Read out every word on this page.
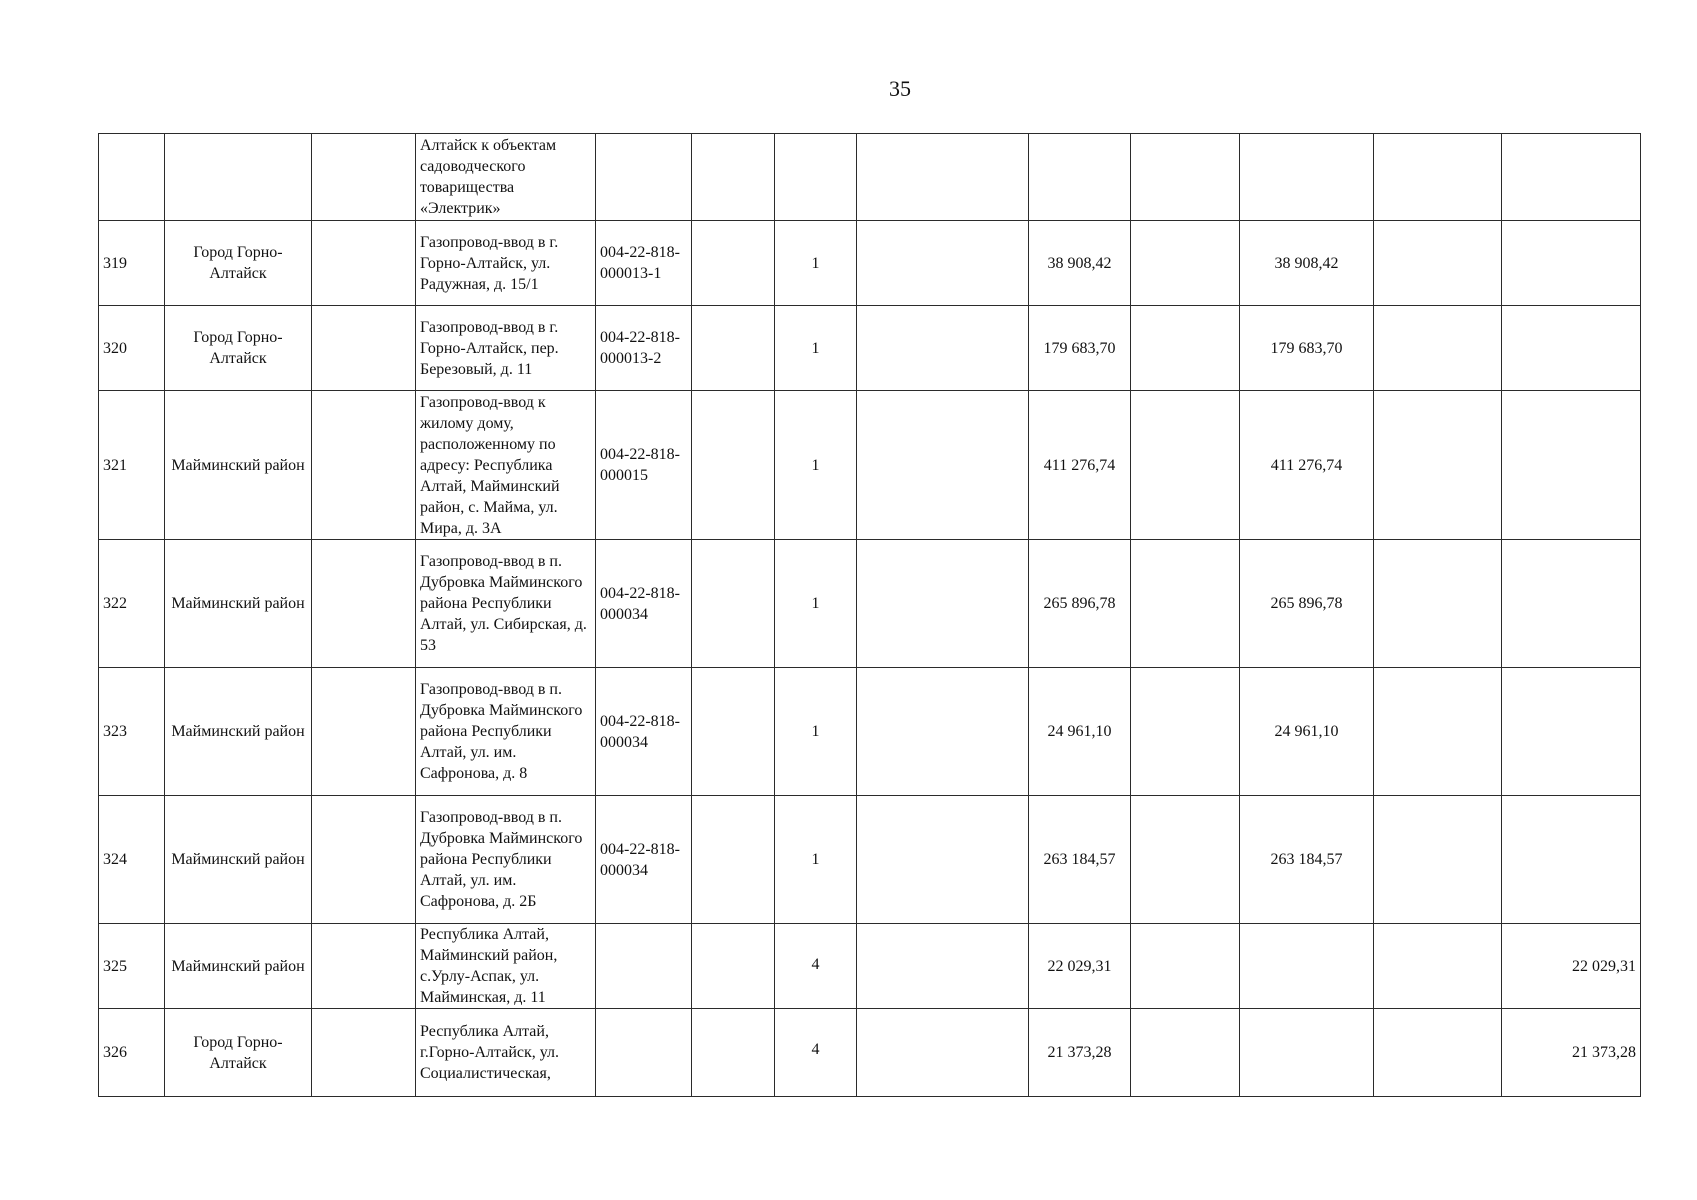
35
			Алтайск к объектам садоводческого товарищества «Электрик»									
319	Город Горно-Алтайск		Газопровод-ввод в г. Горно-Алтайск, ул. Радужная, д. 15/1	004-22-818-000013-1		1		38 908,42		38 908,42		
320	Город Горно-Алтайск		Газопровод-ввод в г. Горно-Алтайск, пер. Березовый, д. 11	004-22-818-000013-2		1		179 683,70		179 683,70		
321	Майминский район		Газопровод-ввод к жилому дому, расположенному по адресу: Республика Алтай, Майминский район, с. Майма, ул. Мира, д. 3А	004-22-818-000015		1		411 276,74		411 276,74		
322	Майминский район		Газопровод-ввод в п. Дубровка Майминского района Республики Алтай, ул. Сибирская, д. 53	004-22-818-000034		1		265 896,78		265 896,78		
323	Майминский район		Газопровод-ввод в п. Дубровка Майминского района Республики Алтай, ул. им. Сафронова, д. 8	004-22-818-000034		1		24 961,10		24 961,10		
324	Майминский район		Газопровод-ввод в п. Дубровка Майминского района Республики Алтай, ул. им. Сафронова, д. 2Б	004-22-818-000034		1		263 184,57		263 184,57		
325	Майминский район		Республика Алтай, Майминский район, с.Урлу-Аспак, ул. Майминская, д. 11			4		22 029,31				22 029,31
326	Город Горно-Алтайск		Республика Алтай, г.Горно-Алтайск, ул. Социалистическая,			4		21 373,28				21 373,28
